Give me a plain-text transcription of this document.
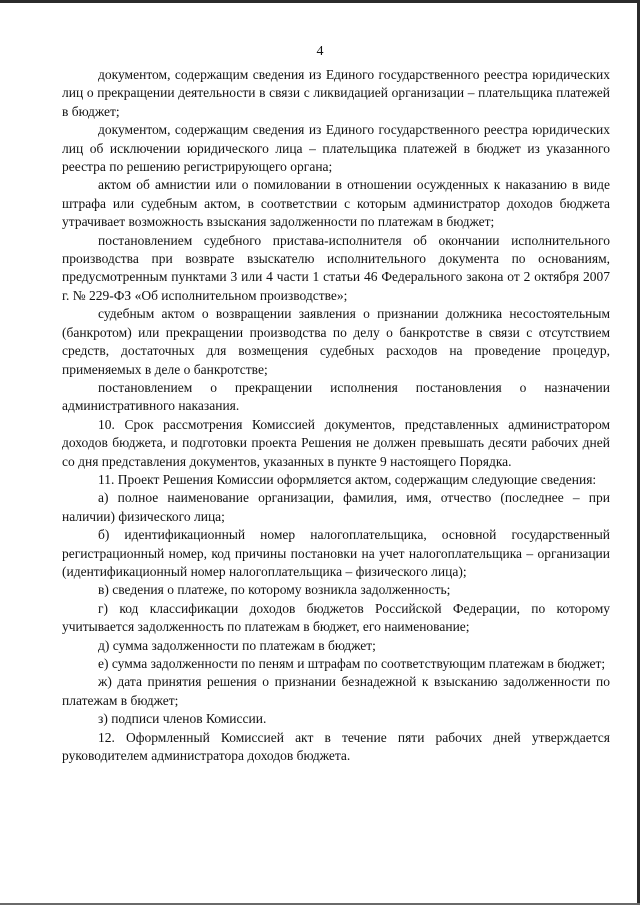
4

документом, содержащим сведения из Единого государственного реестра юридических лиц о прекращении деятельности в связи с ликвидацией организации – плательщика платежей в бюджет;

документом, содержащим сведения из Единого государственного реестра юридических лиц об исключении юридического лица – плательщика платежей в бюджет из указанного реестра по решению регистрирующего органа;

актом об амнистии или о помиловании в отношении осужденных к наказанию в виде штрафа или судебным актом, в соответствии с которым администратор доходов бюджета утрачивает возможность взыскания задолженности по платежам в бюджет;

постановлением судебного пристава-исполнителя об окончании исполнительного производства при возврате взыскателю исполнительного документа по основаниям, предусмотренным пунктами 3 или 4 части 1 статьи 46 Федерального закона от 2 октября 2007 г. № 229-ФЗ «Об исполнительном производстве»;

судебным актом о возвращении заявления о признании должника несостоятельным (банкротом) или прекращении производства по делу о банкротстве в связи с отсутствием средств, достаточных для возмещения судебных расходов на проведение процедур, применяемых в деле о банкротстве;

постановлением о прекращении исполнения постановления о назначении административного наказания.

10. Срок рассмотрения Комиссией документов, представленных администратором доходов бюджета, и подготовки проекта Решения не должен превышать десяти рабочих дней со дня представления документов, указанных в пункте 9 настоящего Порядка.

11. Проект Решения Комиссии оформляется актом, содержащим следующие сведения:

а) полное наименование организации, фамилия, имя, отчество (последнее – при наличии) физического лица;

б) идентификационный номер налогоплательщика, основной государственный регистрационный номер, код причины постановки на учет налогоплательщика – организации (идентификационный номер налогоплательщика – физического лица);

в) сведения о платеже, по которому возникла задолженность;

г) код классификации доходов бюджетов Российской Федерации, по которому учитывается задолженность по платежам в бюджет, его наименование;

д) сумма задолженности по платежам в бюджет;

е) сумма задолженности по пеням и штрафам по соответствующим платежам в бюджет;

ж) дата принятия решения о признании безнадежной к взысканию задолженности по платежам в бюджет;

з) подписи членов Комиссии.

12. Оформленный Комиссией акт в течение пяти рабочих дней утверждается руководителем администратора доходов бюджета.
